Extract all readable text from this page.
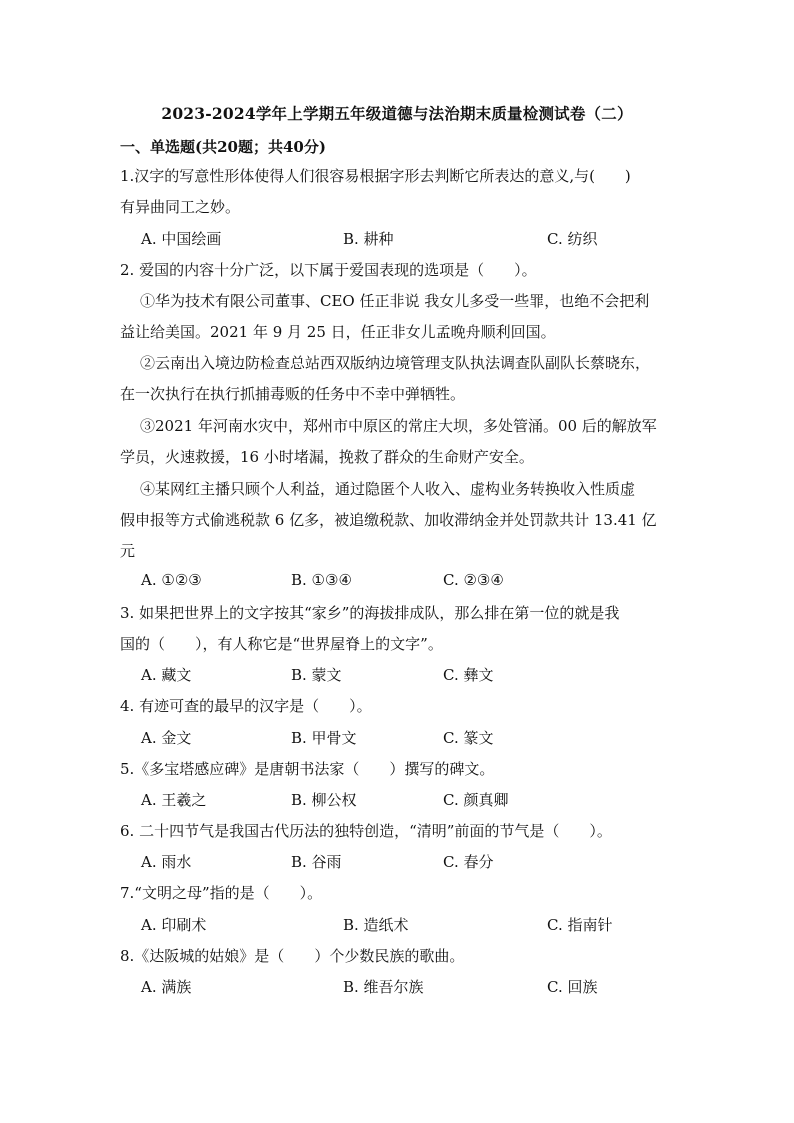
2023-2024学年上学期五年级道德与法治期末质量检测试卷（二）
一、单选题(共20题；共40分)
1.汉字的写意性形体使得人们很容易根据字形去判断它所表达的意义,与(　　)
有异曲同工之妙。
A. 中国绘画	B. 耕种	C. 纺织
2. 爱国的内容十分广泛，以下属于爱国表现的选项是（　　）。
①华为技术有限公司董事、CEO 任正非说 我女儿多受一些罪，也绝不会把利
益让给美国。2021 年 9 月 25 日，任正非女儿孟晚舟顺利回国。
②云南出入境边防检查总站西双版纳边境管理支队执法调查队副队长蔡晓东，
在一次执行在执行抓捕毒贩的任务中不幸中弹牺牲。
③2021 年河南水灾中，郑州市中原区的常庄大坝，多处管涌。00 后的解放军
学员，火速救援，16 小时堵漏，挽救了群众的生命财产安全。
④某网红主播只顾个人利益，通过隐匿个人收入、虚构业务转换收入性质虚
假申报等方式偷逃税款 6 亿多，被追缴税款、加收滞纳金并处罚款共计 13.41 亿
元
A. ①②③	B. ①③④	C. ②③④
3. 如果把世界上的文字按其“家乡”的海拔排成队，那么排在第一位的就是我
国的（　　），有人称它是“世界屋脊上的文字”。
A. 藏文	B. 蒙文	C. 彝文
4. 有迹可查的最早的汉字是（　　）。
A. 金文	B. 甲骨文	C. 篆文
5.《多宝塔感应碑》是唐朝书法家（　　）撰写的碑文。
A. 王羲之	B. 柳公权	C. 颜真卿
6. 二十四节气是我国古代历法的独特创造，“清明”前面的节气是（　　）。
A. 雨水	B. 谷雨	C. 春分
7.“文明之母”指的是（　　）。
A. 印刷术	B. 造纸术	C. 指南针
8.《达阪城的姑娘》是（　　）个少数民族的歌曲。
A. 满族	B. 维吾尔族	C. 回族
